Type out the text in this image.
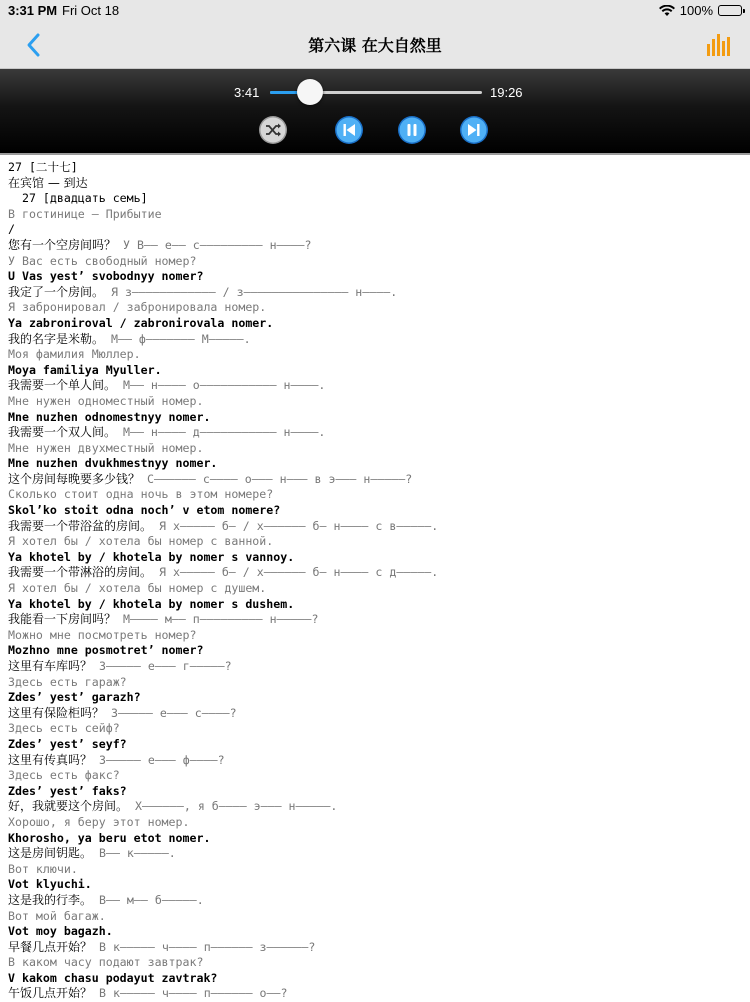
3:31 PM Fri Oct 18	100%
第六课 在大自然里
3:41	19:26
27 [二十七]
在宾馆 — 到达
27 [двадцать семь]
В гостинице — Прибытие
/
您有一个空房间吗？ У В—— е—— с————————— н————?
У Вас есть свободный номер?
U Vas yest’ svobodnyy nomer?
我定了一个房间。 Я з———————————— / з——————————————— н————.
Я забронировал / забронировала номер.
Ya zabroniroval / zabronirovala nomer.
我的名字是米勒。 М—— ф——————— М—————.
Моя фамилия Мюллер.
Moya familiya Myuller.
我需要一个单人间。 М—— н———— о——————————— н————.
Мне нужен одноместный номер.
Mne nuzhen odnomestnyy nomer.
我需要一个双人间。 М—— н———— д——————————— н————.
Мне нужен двухместный номер.
Mne nuzhen dvukhmestnyy nomer.
这个房间每晚要多少钱？ С—————— с———— о——— н——— в э——— н—————?
Сколько стоит одна ночь в этом номере?
Skol’ko stoit odna noch’ v etom nomere?
我需要一个带浴盆的房间。 Я х————— б— / х—————— б— н———— с в—————.
Я хотел бы / хотела бы номер с ванной.
Ya khotel by / khotela by nomer s vannoy.
我需要一个带淋浴的房间。 Я х————— б— / х—————— б— н———— с д—————.
Я хотел бы / хотела бы номер с душем.
Ya khotel by / khotela by nomer s dushem.
我能看一下房间吗？ М———— м—— п————————— н—————?
Можно мне посмотреть номер?
Mozhno mne posmotret’ nomer?
这里有车库吗？ З————— е——— г—————?
Здесь есть гараж?
Zdes’ yest’ garazh?
这里有保险柜吗？ З————— е——— с————?
Здесь есть сейф?
Zdes’ yest’ seyf?
这里有传真吗？ З————— е——— ф————?
Здесь есть факс?
Zdes’ yest’ faks?
好，我就要这个房间。 Х——————, я б———— э——— н—————.
Хорошо, я беру этот номер.
Khorosho, ya beru etot nomer.
这是房间钥匙。 В—— к—————.
Вот ключи.
Vot klyuchi.
这是我的行李。 В—— м—— б—————.
Вот мой багаж.
Vot moy bagazh.
早餐几点开始？ В к————— ч———— п—————— з——————?
В каком часу подают завтрак?
V kakom chasu podayut zavtrak?
午饭几点开始？ В к————— ч———— п—————— о——?
